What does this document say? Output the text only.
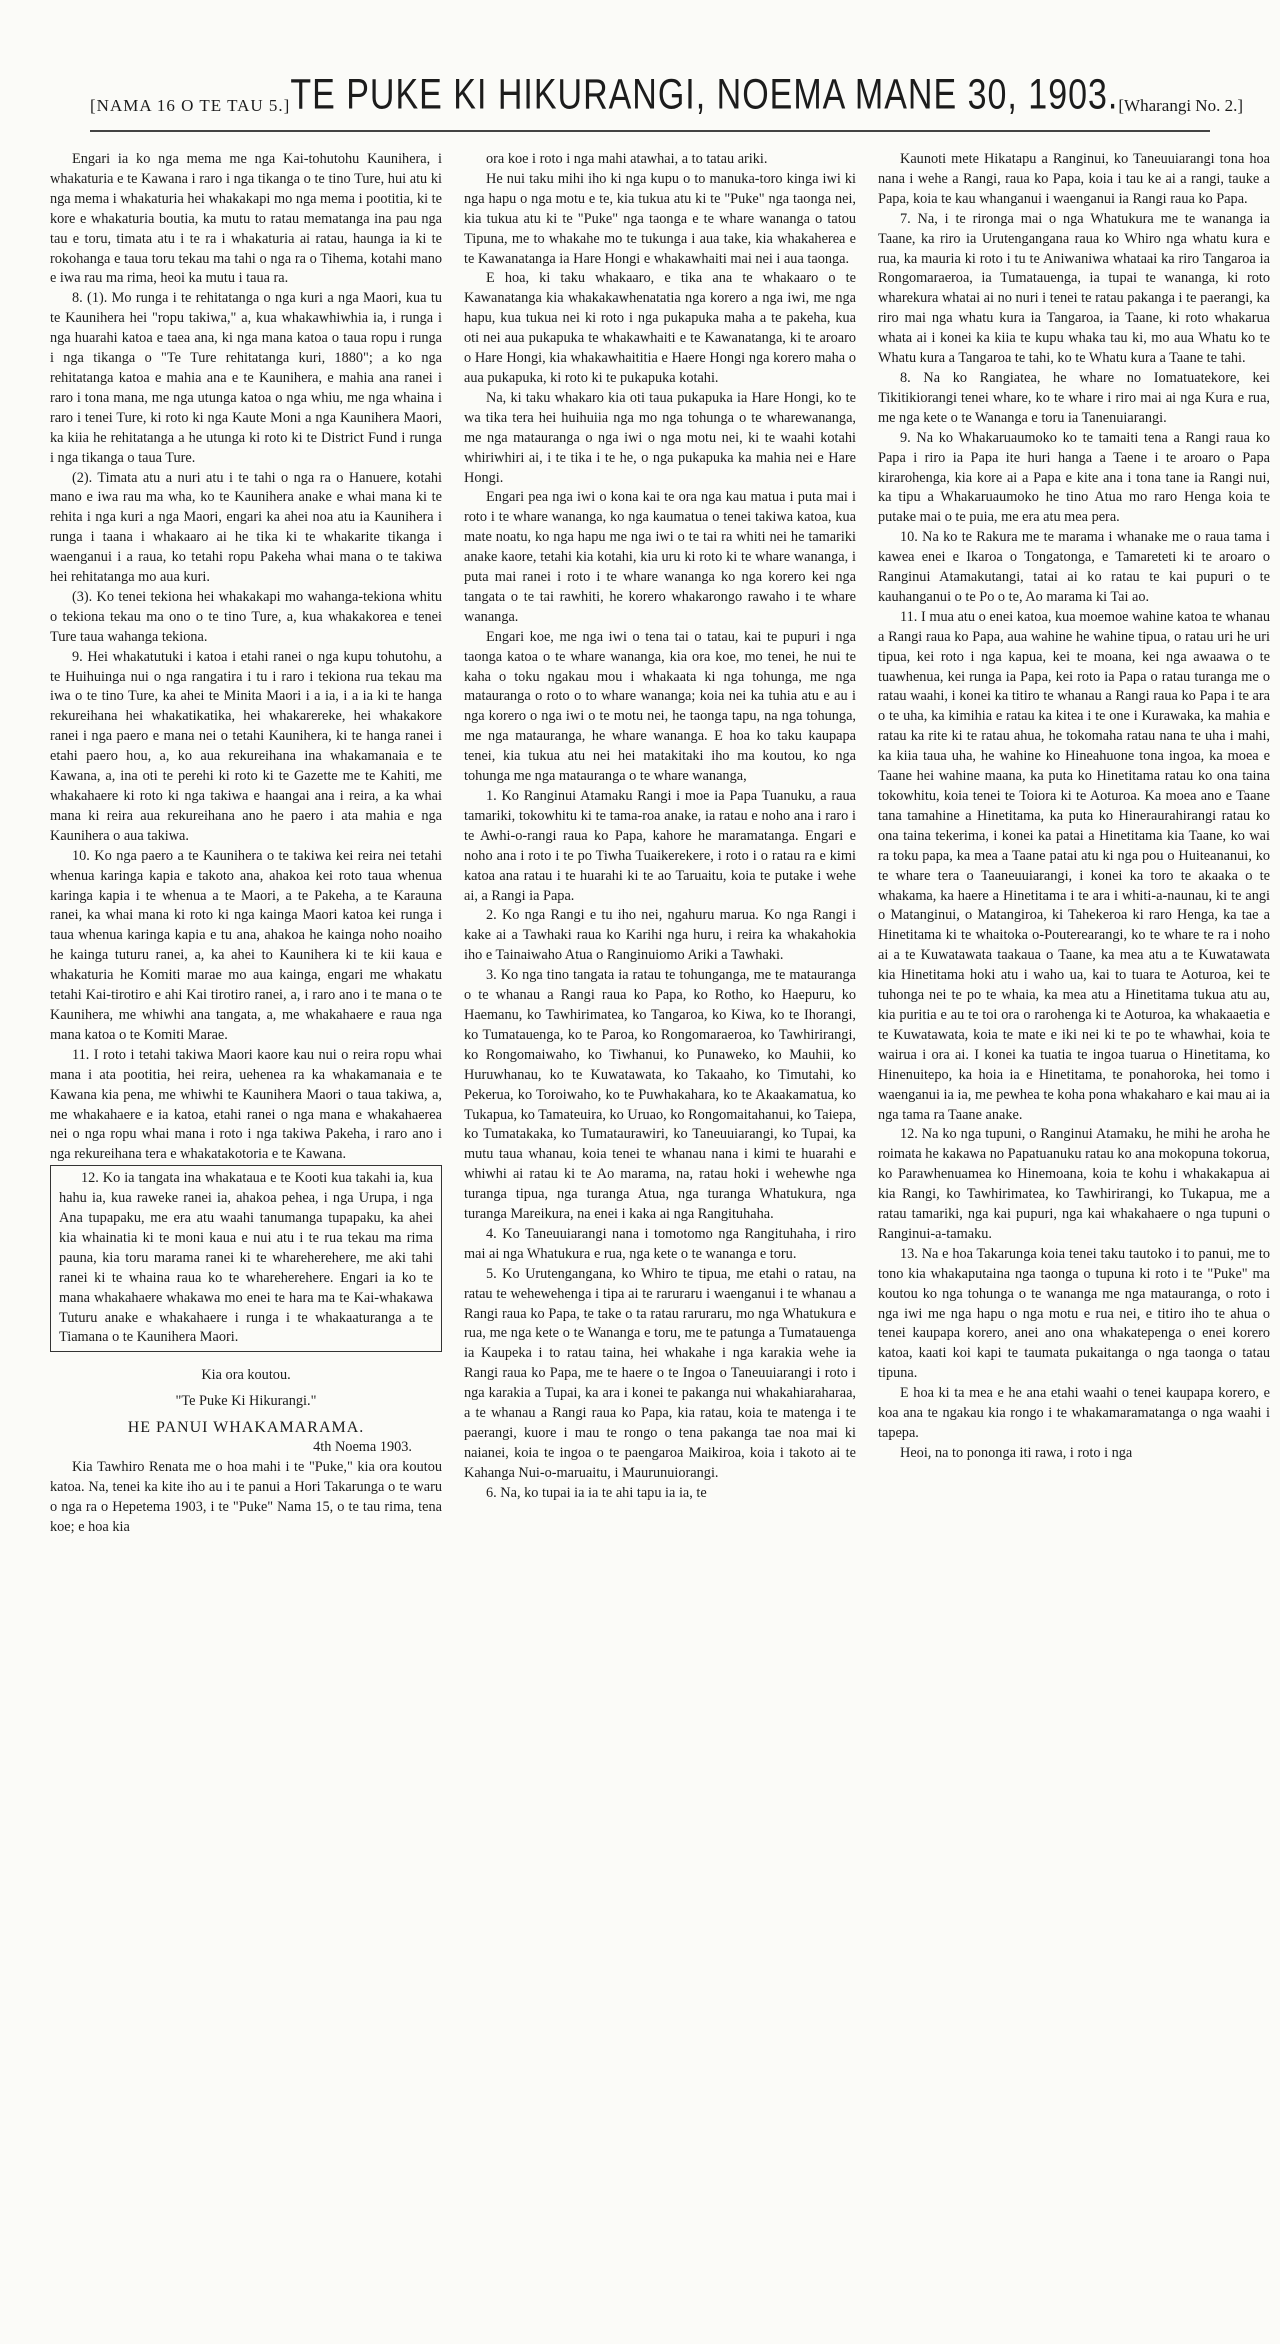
[NAMA 16 O TE TAU 5.] TE PUKE KI HIKURANGI, NOEMA MANE 30, 1903. [Wharangi No. 2.]

Engari ia ko nga mema me nga Kai-tohutohu Kaunihera, i whakaturia e te Kawana i raro i nga tikanga o te tino Ture, hui atu ki nga mema i whakaturia hei whakakapi mo nga mema i pootitia, ki te kore e whakaturia boutia, ka mutu to ratau mematanga ina pau nga tau e toru, timata atu i te ra i whakaturia ai ratau, haunga ia ki te rokohanga e taua toru tekau ma tahi o nga ra o Tihema, kotahi mano e iwa rau ma rima, heoi ka mutu i taua ra.

8. (1). Mo runga i te rehitatanga o nga kuri a nga Maori, kua tu te Kaunihera hei "ropu takiwa," a, kua whakawhiwhia ia, i runga i nga huarahi katoa e taea ana, ki nga mana katoa o taua ropu i runga i nga tikanga o "Te Ture rehitatanga kuri, 1880"; a ko nga rehitatanga katoa e mahia ana e te Kaunihera, e mahia ana ranei i raro i tona mana, me nga utunga katoa o nga whiu, me nga whaina i raro i tenei Ture, ki roto ki nga Kaute Moni a nga Kaunihera Maori, ka kiia he rehitatanga a he utunga ki roto ki te District Fund i runga i nga tikanga o taua Ture.

(2). Timata atu a nuri atu i te tahi o nga ra o Hanuere, kotahi mano e iwa rau ma wha, ko te Kaunihera anake e whai mana ki te rehita i nga kuri a nga Maori, engari ka ahei noa atu ia Kaunihera i runga i taana i whakaaro ai he tika ki te whakarite tikanga i waenganui i a raua, ko tetahi ropu Pakeha whai mana o te takiwa hei rehitatanga mo aua kuri.

(3). Ko tenei tekiona hei whakakapi mo wahanga-tekiona whitu o tekiona tekau ma ono o te tino Ture, a, kua whakakorea e tenei Ture taua wahanga tekiona.

9. Hei whakatutuki i katoa i etahi ranei o nga kupu tohutohu, a te Huihuinga nui o nga rangatira i tu i raro i tekiona rua tekau ma iwa o te tino Ture, ka ahei te Minita Maori i a ia, i a ia ki te hanga rekureihana hei whakatikatika, hei whakarereke, hei whakakore ranei i nga paero e mana nei o tetahi Kaunihera, ki te hanga ranei i etahi paero hou, a, ko aua rekureihana ina whakamanaia e te Kawana, a, ina oti te perehi ki roto ki te Gazette me te Kahiti, me whakahaere ki roto ki nga takiwa e haangai ana i reira, a ka whai mana ki reira aua rekureihana ano he paero i ata mahia e nga Kaunihera o aua takiwa.

10. Ko nga paero a te Kaunihera o te takiwa kei reira nei tetahi whenua karinga kapia e takoto ana, ahakoa kei roto taua whenua karinga kapia i te whenua a te Maori, a te Pakeha, a te Karauna ranei, ka whai mana ki roto ki nga kainga Maori katoa kei runga i taua whenua karinga kapia e tu ana, ahakoa he kainga noho noaiho he kainga tuturu ranei, a, ka ahei to Kaunihera ki te kii kaua e whakaturia he Komiti marae mo aua kainga, engari me whakatu tetahi Kai-tirotiro e ahi Kai tirotiro ranei, a, i raro ano i te mana o te Kaunihera, me whiwhi ana tangata, a, me whakahaere e raua nga mana katoa o te Komiti Marae.

11. I roto i tetahi takiwa Maori kaore kau nui o reira ropu whai mana i ata pootitia, hei reira, uehenea ra ka whakamanaia e te Kawana kia pena, me whiwhi te Kaunihera Maori o taua takiwa, a, me whakahaere e ia katoa, etahi ranei o nga mana e whakahaerea nei o nga ropu whai mana i roto i nga takiwa Pakeha, i raro ano i nga rekureihana tera e whakatakotoria e te Kawana.

12. Ko ia tangata ina whakataua e te Kooti kua takahi ia, kua hahu ia, kua raweke ranei ia, ahakoa pehea, i nga Urupa, i nga Ana tupapaku, me era atu waahi tanumanga tupapaku, ka ahei kia whainatia ki te moni kaua e nui atu i te rua tekau ma rima pauna, kia toru marama ranei ki te whareherehere, me aki tahi ranei ki te whaina raua ko te whareherehere. Engari ia ko te mana whakahaere whakawa mo enei te hara ma te Kai-whakawa Tuturu anake e whakahaere i runga i te whakaaturanga a te Tiamana o te Kaunihera Maori.

Kia ora koutou.

"Te Puke Ki Hikurangi."

HE PANUI WHAKAMARAMA.

4th Noema 1903.

Kia Tawhiro Renata me o hoa mahi i te "Puke," kia ora koutou katoa. Na, tenei ka kite iho au i te panui a Hori Takarunga o te waru o nga ra o Hepetema 1903, i te "Puke" Nama 15, o te tau rima, tena koe; e hoa kia

ora koe i roto i nga mahi atawhai, a to tatau ariki.

He nui taku mihi iho ki nga kupu o to manuka-toro kinga iwi ki nga hapu o nga motu e te, kia tukua atu ki te "Puke" nga taonga nei, kia tukua atu ki te "Puke" nga taonga e te whare wananga o tatou Tipuna, me to whakahe mo te tukunga i aua take, kia whakaherea e te Kawanatanga ia Hare Hongi e whakawhaiti mai nei i aua taonga.

E hoa, ki taku whakaaro, e tika ana te whakaaro o te Kawanatanga kia whakakawhenatatia nga korero a nga iwi, me nga hapu, kua tukua nei ki roto i nga pukapuka maha a te pakeha, kua oti nei aua pukapuka te whakawhaiti e te Kawanatanga, ki te aroaro o Hare Hongi, kia whakawhaititia e Haere Hongi nga korero maha o aua pukapuka, ki roto ki te pukapuka kotahi.

Na, ki taku whakaro kia oti taua pukapuka ia Hare Hongi, ko te wa tika tera hei huihuiia nga mo nga tohunga o te wharewananga, me nga matauranga o nga iwi o nga motu nei, ki te waahi kotahi whiriwhiri ai, i te tika i te he, o nga pukapuka ka mahia nei e Hare Hongi.

Engari pea nga iwi o kona kai te ora nga kau matua i puta mai i roto i te whare wananga, ko nga kaumatua o tenei takiwa katoa, kua mate noatu, ko nga hapu me nga iwi o te tai ra whiti nei he tamariki anake kaore, tetahi kia kotahi, kia uru ki roto ki te whare wananga, i puta mai ranei i roto i te whare wananga ko nga korero kei nga tangata o te tai rawhiti, he korero whakarongo rawaho i te whare wananga.

Engari koe, me nga iwi o tena tai o tatau, kai te pupuri i nga taonga katoa o te whare wananga, kia ora koe, mo tenei, he nui te kaha o toku ngakau mou i whakaata ki nga tohunga, me nga matauranga o roto o to whare wananga; koia nei ka tuhia atu e au i nga korero o nga iwi o te motu nei, he taonga tapu, na nga tohunga, me nga matauranga, he whare wananga. E hoa ko taku kaupapa tenei, kia tukua atu nei hei matakitaki iho ma koutou, ko nga tohunga me nga matauranga o te whare wananga,

1. Ko Ranginui Atamaku Rangi i moe ia Papa Tuanuku, a raua tamariki, tokowhitu ki te tama-roa anake, ia ratau e noho ana i raro i te Awhi-o-rangi raua ko Papa, kahore he maramatanga. Engari e noho ana i roto i te po Tiwha Tuaikerekere, i roto i o ratau ra e kimi katoa ana ratau i te huarahi ki te ao Taruaitu, koia te putake i wehe ai, a Rangi ia Papa.

2. Ko nga Rangi e tu iho nei, ngahuru marua. Ko nga Rangi i kake ai a Tawhaki raua ko Karihi nga huru, i reira ka whakahokia iho e Tainaiwaho Atua o Ranginuiomo Ariki a Tawhaki.

3. Ko nga tino tangata ia ratau te tohunganga, me te matauranga o te whanau a Rangi raua ko Papa, ko Rotho, ko Haepuru, ko Haemanu, ko Tawhirimatea, ko Tangaroa, ko Kiwa, ko te Ihorangi, ko Tumatauenga, ko te Paroa, ko Rongomaraeroa, ko Tawhirirangi, ko Rongomaiwaho, ko Tiwhanui, ko Punaweko, ko Mauhii, ko Huruwhanau, ko te Kuwatawata, ko Takaaho, ko Timutahi, ko Pekerua, ko Toroiwaho, ko te Puwhakahara, ko te Akaakamatua, ko Tukapua, ko Tamateuira, ko Uruao, ko Rongomaitahanui, ko Taiepa, ko Tumatakaka, ko Tumataurawiri, ko Taneuuiarangi, ko Tupai, ka mutu taua whanau, koia tenei te whanau nana i kimi te huarahi e whiwhi ai ratau ki te Ao marama, na, ratau hoki i wehewhe nga turanga tipua, nga turanga Atua, nga turanga Whatukura, nga turanga Mareikura, na enei i kaka ai nga Rangituhaha.

4. Ko Taneuuiarangi nana i tomotomo nga Rangituhaha, i riro mai ai nga Whatukura e rua, nga kete o te wananga e toru.

5. Ko Urutengangana, ko Whiro te tipua, me etahi o ratau, na ratau te wehewehenga i tipa ai te raruraru i waenganui i te whanau a Rangi raua ko Papa, te take o ta ratau raruraru, mo nga Whatukura e rua, me nga kete o te Wananga e toru, me te patunga a Tumatauenga ia Kaupeka i to ratau taina, hei whakahe i nga karakia wehe ia Rangi raua ko Papa, me te haere o te Ingoa o Taneuuiarangi i roto i nga karakia a Tupai, ka ara i konei te pakanga nui whakahiaraharaa, a te whanau a Rangi raua ko Papa, kia ratau, koia te matenga i te paerangi, kuore i mau te rongo o tena pakanga tae noa mai ki naianei, koia te ingoa o te paengaroa Maikiroa, koia i takoto ai te Kahanga Nui-o-maruaitu, i Maurunuiorangi.

6. Na, ko tupai ia ia te ahi tapu ia ia, te

Kaunoti mete Hikatapu a Ranginui, ko Taneuuiarangi tona hoa nana i wehe a Rangi, raua ko Papa, koia i tau ke ai a rangi, tauke a Papa, koia te kau whanganui i waenganui ia Rangi raua ko Papa.

7. Na, i te rironga mai o nga Whatukura me te wananga ia Taane, ka riro ia Urutengangana raua ko Whiro nga whatu kura e rua, ka mauria ki roto i tu te Aniwaniwa whataai ka riro Tangaroa ia Rongomaraeroa, ia Tumatauenga, ia tupai te wananga, ki roto wharekura whatai ai no nuri i tenei te ratau pakanga i te paerangi, ka riro mai nga whatu kura ia Tangaroa, ia Taane, ki roto whakarua whata ai i konei ka kiia te kupu whaka tau ki, mo aua Whatu ko te Whatu kura a Tangaroa te tahi, ko te Whatu kura a Taane te tahi.

8. Na ko Rangiatea, he whare no Iomatuatekore, kei Tikitikiorangi tenei whare, ko te whare i riro mai ai nga Kura e rua, me nga kete o te Wananga e toru ia Tanenuiarangi.

9. Na ko Whakaruaumoko ko te tamaiti tena a Rangi raua ko Papa i riro ia Papa ite huri hanga a Taene i te aroaro o Papa kirarohenga, kia kore ai a Papa e kite ana i tona tane ia Rangi nui, ka tipu a Whakaruaumoko he tino Atua mo raro Henga koia te putake mai o te puia, me era atu mea pera.

10. Na ko te Rakura me te marama i whanake me o raua tama i kawea enei e Ikaroa o Tongatonga, e Tamareteti ki te aroaro o Ranginui Atamakutangi, tatai ai ko ratau te kai pupuri o te kauhanganui o te Po o te, Ao marama ki Tai ao.

11. I mua atu o enei katoa, kua moemoe wahine katoa te whanau a Rangi raua ko Papa, aua wahine he wahine tipua, o ratau uri he uri tipua, kei roto i nga kapua, kei te moana, kei nga awaawa o te tuawhenua, kei runga ia Papa, kei roto ia Papa o ratau turanga me o ratau waahi, i konei ka titiro te whanau a Rangi raua ko Papa i te ara o te uha, ka kimihia e ratau ka kitea i te one i Kurawaka, ka mahia e ratau ka rite ki te ratau ahua, he tokomaha ratau nana te uha i mahi, ka kiia taua uha, he wahine ko Hineahuone tona ingoa, ka moea e Taane hei wahine maana, ka puta ko Hinetitama ratau ko ona taina tokowhitu, koia tenei te Toiora ki te Aoturoa. Ka moea ano e Taane tana tamahine a Hinetitama, ka puta ko Hineraurahirangi ratau ko ona taina tekerima, i konei ka patai a Hinetitama kia Taane, ko wai ra toku papa, ka mea a Taane patai atu ki nga pou o Huiteananui, ko te whare tera o Taaneuuiarangi, i konei ka toro te akaaka o te whakama, ka haere a Hinetitama i te ara i whiti-a-naunau, ki te angi o Matanginui, o Matangiroa, ki Tahekeroa ki raro Henga, ka tae a Hinetitama ki te whaitoka o-Pouterearangi, ko te whare te ra i noho ai a te Kuwatawata taakaua o Taane, ka mea atu a te Kuwatawata kia Hinetitama hoki atu i waho ua, kai to tuara te Aoturoa, kei te tuhonga nei te po te whaia, ka mea atu a Hinetitama tukua atu au, kia puritia e au te toi ora o rarohenga ki te Aoturoa, ka whakaaetia e te Kuwatawata, koia te mate e iki nei ki te po te whawhai, koia te wairua i ora ai. I konei ka tuatia te ingoa tuarua o Hinetitama, ko Hinenuitepo, ka hoia ia e Hinetitama, te ponahoroka, hei tomo i waenganui ia ia, me pewhea te koha pona whakaharo e kai mau ai ia nga tama ra Taane anake.

12. Na ko nga tupuni, o Ranginui Atamaku, he mihi he aroha he roimata he kakawa no Papatuanuku ratau ko ana mokopuna tokorua, ko Parawhenuamea ko Hinemoana, koia te kohu i whakakapua ai kia Rangi, ko Tawhirimatea, ko Tawhirirangi, ko Tukapua, me a ratau tamariki, nga kai pupuri, nga kai whakahaere o nga tupuni o Ranginui-a-tamaku.

13. Na e hoa Takarunga koia tenei taku tautoko i to panui, me to tono kia whakaputaina nga taonga o tupuna ki roto i te "Puke" ma koutou ko nga tohunga o te wananga me nga matauranga, o roto i nga iwi me nga hapu o nga motu e rua nei, e titiro iho te ahua o tenei kaupapa korero, anei ano ona whakatepenga o enei korero katoa, kaati koi kapi te taumata pukaitanga o nga taonga o tatau tipuna.

E hoa ki ta mea e he ana etahi waahi o tenei kaupapa korero, e koa ana te ngakau kia rongo i te whakamaramatanga o nga waahi i tapepa.

Heoi, na to pononga iti rawa, i roto i nga
